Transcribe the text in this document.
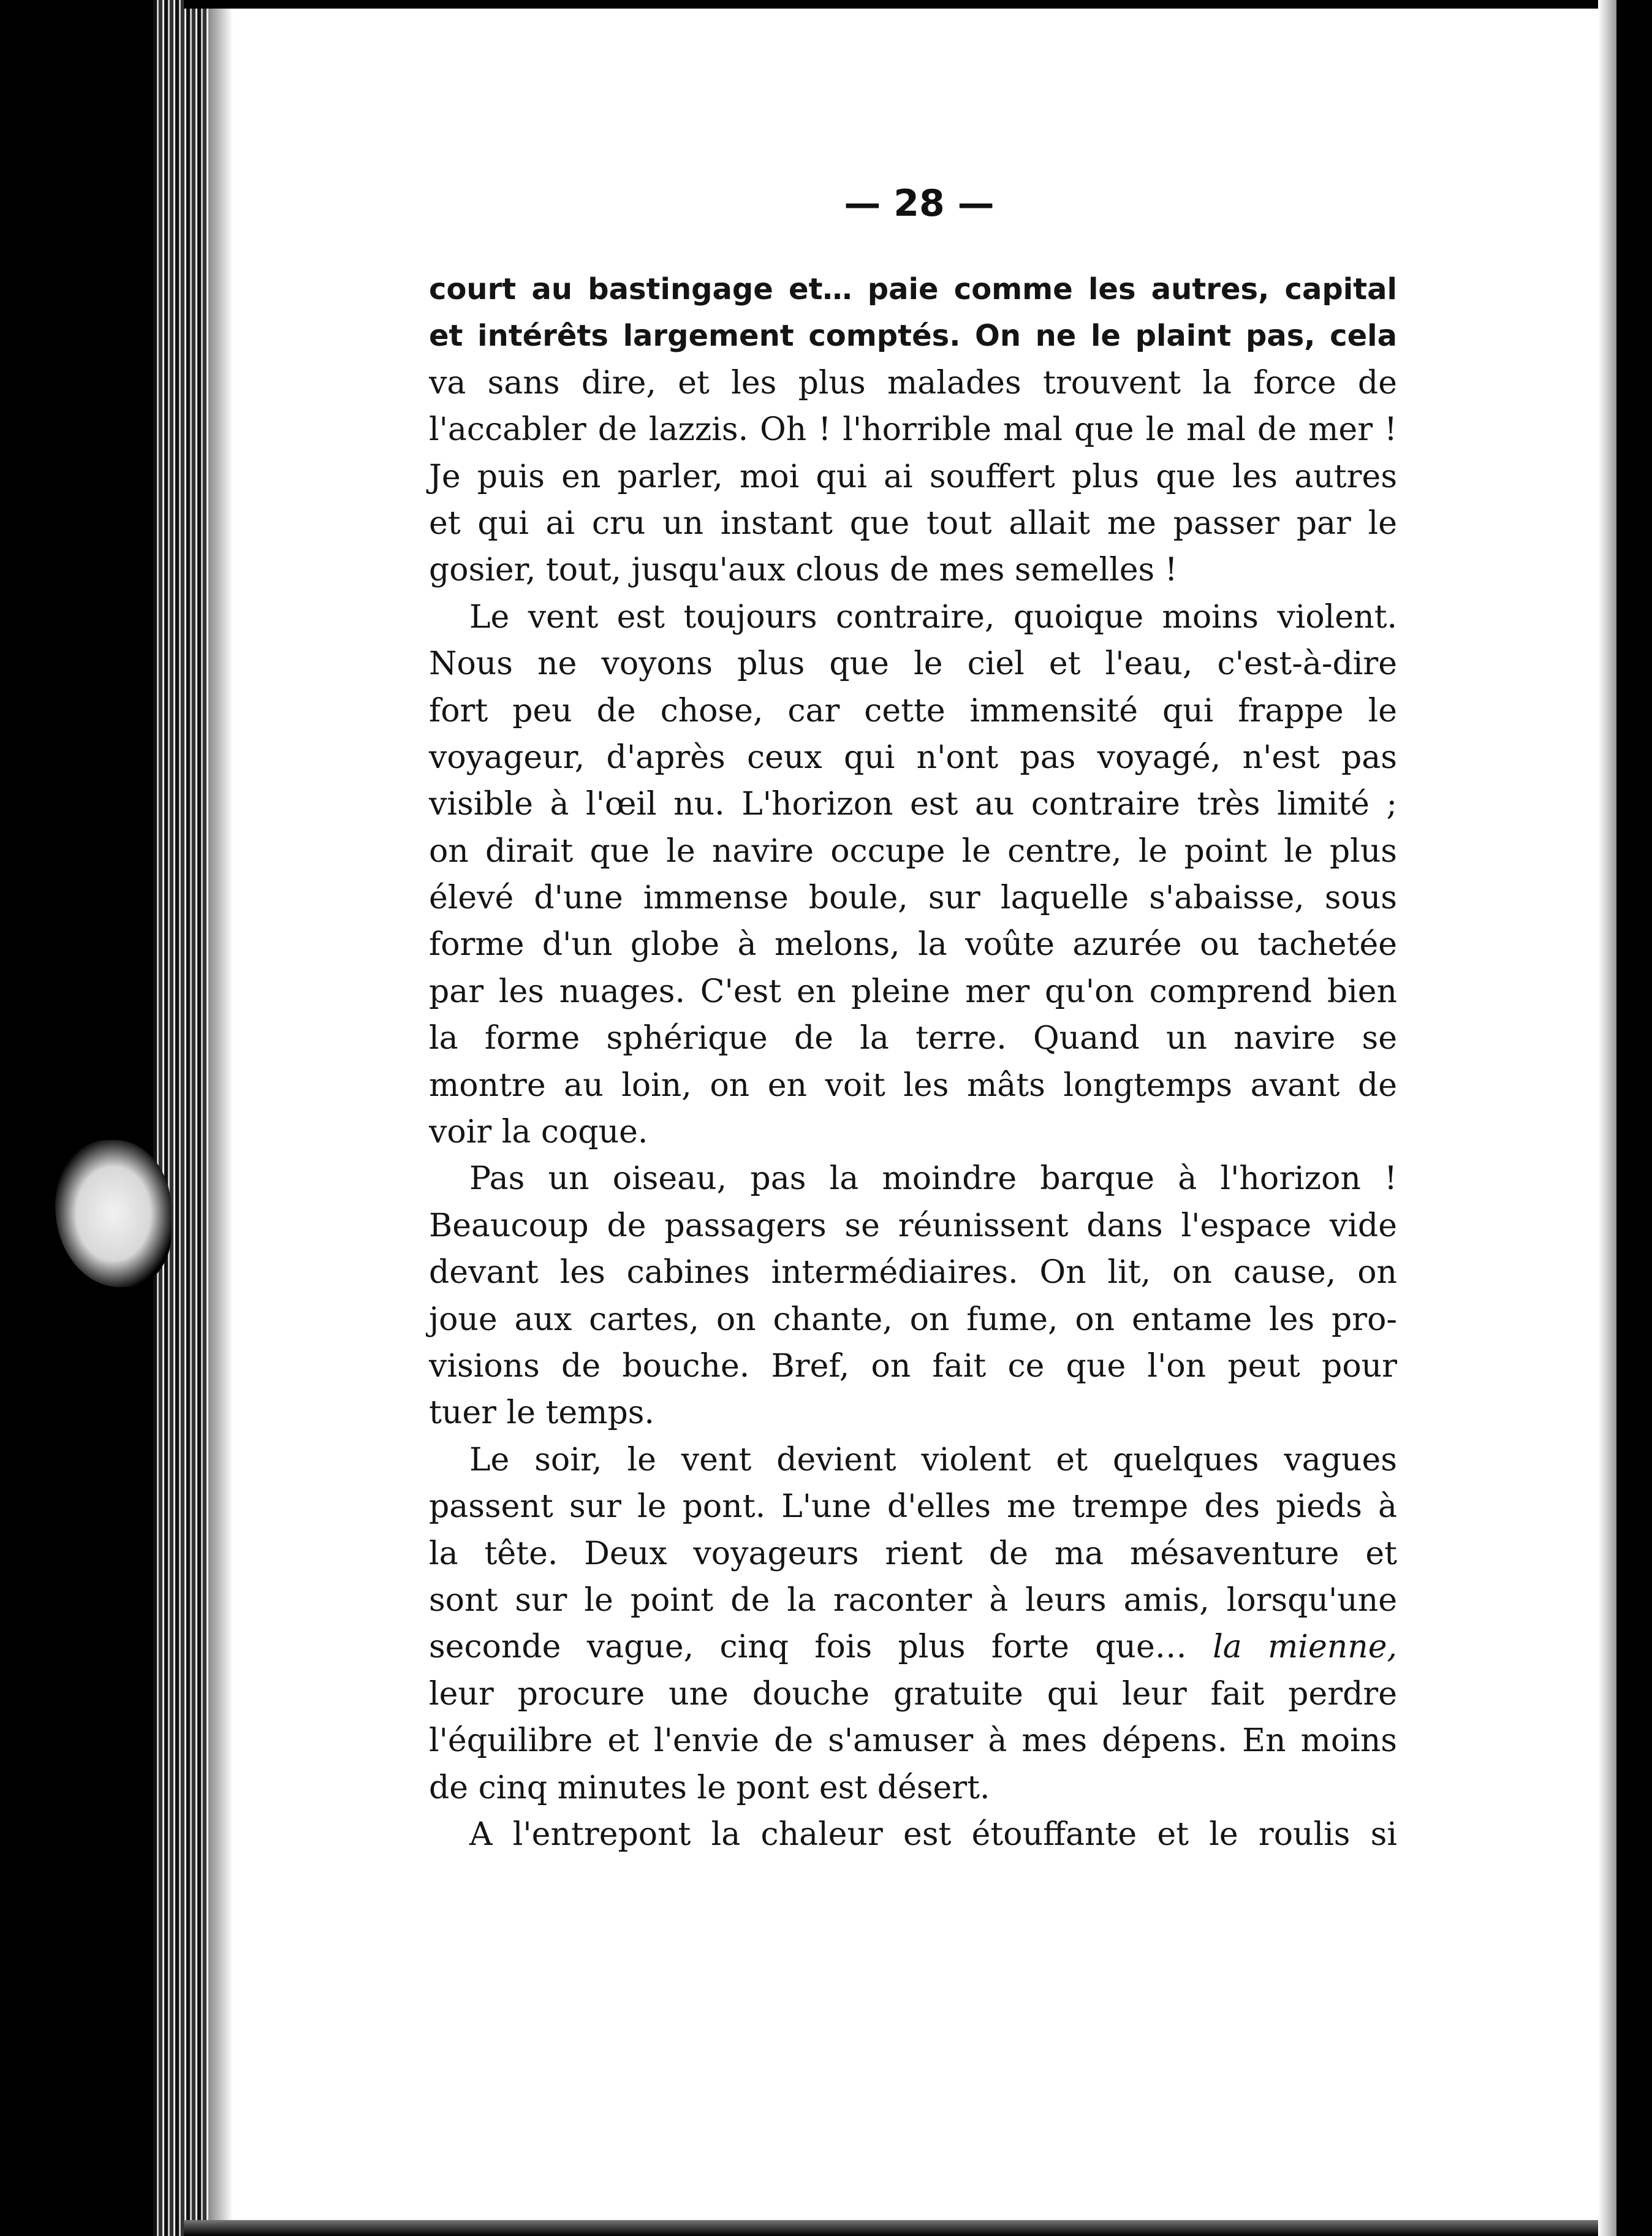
— 28 —
court au bastingage et… paie comme les autres, capital
et intérêts largement comptés. On ne le plaint pas, cela
va sans dire, et les plus malades trouvent la force de
l'accabler de lazzis. Oh ! l'horrible mal que le mal de mer !
Je puis en parler, moi qui ai souffert plus que les autres
et qui ai cru un instant que tout allait me passer par le
gosier, tout, jusqu'aux clous de mes semelles !
Le vent est toujours contraire, quoique moins violent.
Nous ne voyons plus que le ciel et l'eau, c'est-à-dire
fort peu de chose, car cette immensité qui frappe le
voyageur, d'après ceux qui n'ont pas voyagé, n'est pas
visible à l'œil nu. L'horizon est au contraire très limité ;
on dirait que le navire occupe le centre, le point le plus
élevé d'une immense boule, sur laquelle s'abaisse, sous
forme d'un globe à melons, la voûte azurée ou tachetée
par les nuages. C'est en pleine mer qu'on comprend bien
la forme sphérique de la terre. Quand un navire se
montre au loin, on en voit les mâts longtemps avant de
voir la coque.
Pas un oiseau, pas la moindre barque à l'horizon !
Beaucoup de passagers se réunissent dans l'espace vide
devant les cabines intermédiaires. On lit, on cause, on
joue aux cartes, on chante, on fume, on entame les pro-
visions de bouche. Bref, on fait ce que l'on peut pour
tuer le temps.
Le soir, le vent devient violent et quelques vagues
passent sur le pont. L'une d'elles me trempe des pieds à
la tête. Deux voyageurs rient de ma mésaventure et
sont sur le point de la raconter à leurs amis, lorsqu'une
seconde vague, cinq fois plus forte que… la mienne,
leur procure une douche gratuite qui leur fait perdre
l'équilibre et l'envie de s'amuser à mes dépens. En moins
de cinq minutes le pont est désert.
A l'entrepont la chaleur est étouffante et le roulis si
